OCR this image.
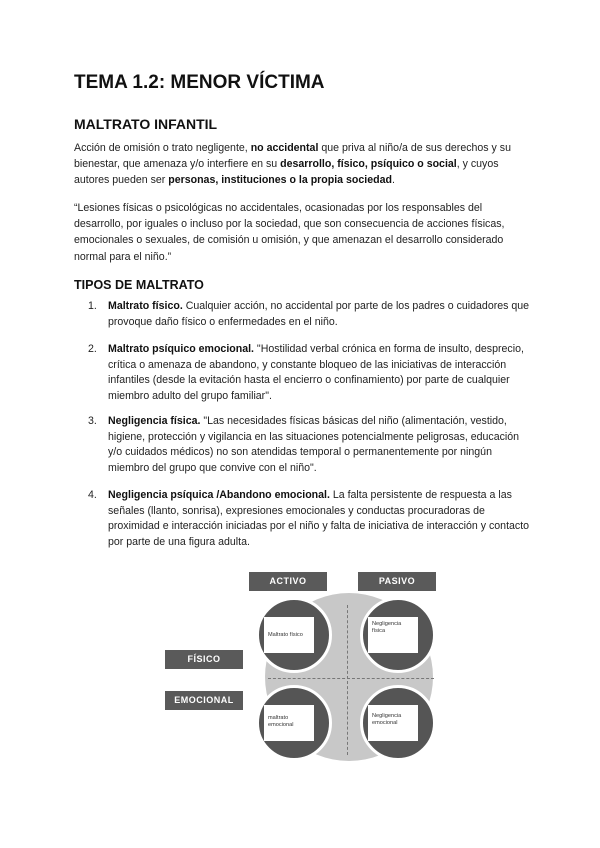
TEMA 1.2: MENOR VÍCTIMA
MALTRATO INFANTIL

Acción de omisión o trato negligente, no accidental que priva al niño/a de sus derechos y su bienestar, que amenaza y/o interfiere en su desarrollo, físico, psíquico o social, y cuyos autores pueden ser personas, instituciones o la propia sociedad.

“Lesiones físicas o psicológicas no accidentales, ocasionadas por los responsables del desarrollo, por iguales o incluso por la sociedad, que son consecuencia de acciones físicas, emocionales o sexuales, de comisión u omisión, y que amenazan el desarrollo considerado normal para el niño.”

TIPOS DE MALTRATO
1.	Maltrato físico. Cualquier acción, no accidental por parte de los padres o cuidadores que provoque daño físico o enfermedades en el niño.
2.	Maltrato psíquico emocional. "Hostilidad verbal crónica en forma de insulto, desprecio, crítica o amenaza de abandono, y constante bloqueo de las iniciativas de interacción infantiles (desde la evitación hasta el encierro o confinamiento) por parte de cualquier miembro adulto del grupo familiar".
3.	Negligencia física. "Las necesidades físicas básicas del niño (alimentación, vestido, higiene, protección y vigilancia en las situaciones potencialmente peligrosas, educación y/o cuidados médicos) no son atendidas temporal o permanentemente por ningún miembro del grupo que convive con el niño".
4.	Negligencia psíquica /Abandono emocional. La falta persistente de respuesta a las señales (llanto, sonrisa), expresiones emocionales y conductas procuradoras de proximidad e interacción iniciadas por el niño y falta de iniciativa de interacción y contacto por parte de una figura adulta.
ACTIVO	PASIVO
FÍSICO
EMOCIONAL
Maltrato físico
Negligencia física
maltrato emocional
Negligencia emocional
